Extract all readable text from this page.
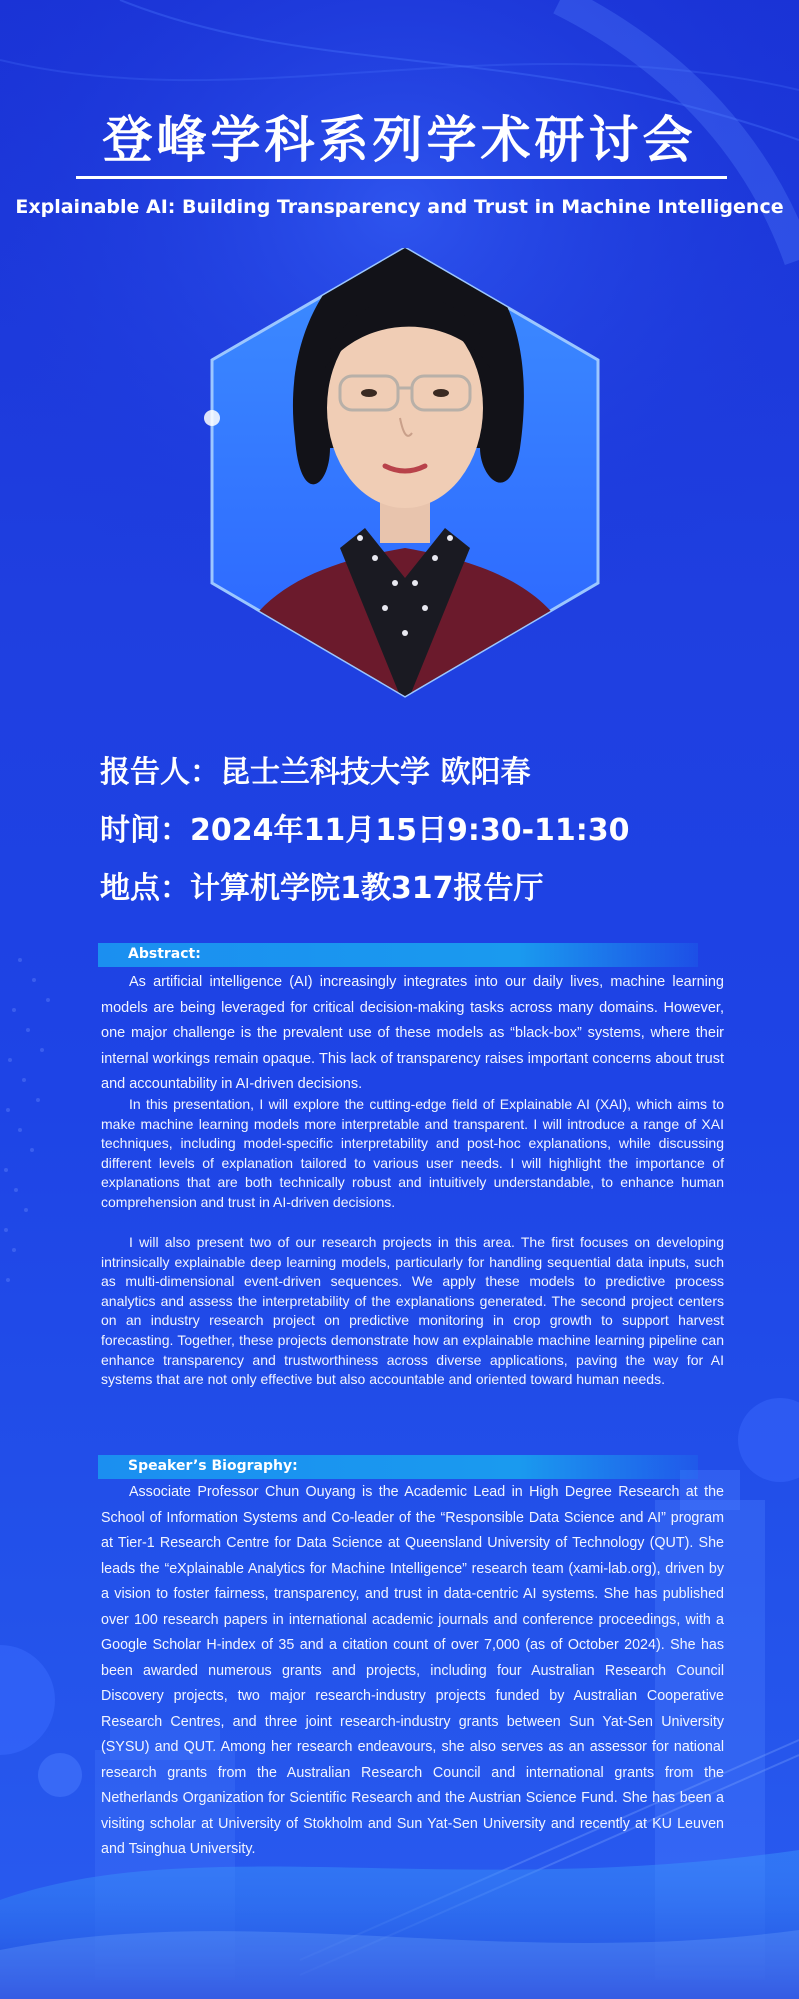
登峰学科系列学术研讨会
Explainable AI: Building Transparency and Trust in Machine Intelligence
报告人：昆士兰科技大学 欧阳春
时间：2024年11月15日9:30-11:30
地点：计算机学院1教317报告厅
Abstract:
As artificial intelligence (AI) increasingly integrates into our daily lives, machine learning models are being leveraged for critical decision-making tasks across many domains. However, one major challenge is the prevalent use of these models as “black-box” systems, where their internal workings remain opaque. This lack of transparency raises important concerns about trust and accountability in AI-driven decisions.
In this presentation, I will explore the cutting-edge field of Explainable AI (XAI), which aims to make machine learning models more interpretable and transparent. I will introduce a range of XAI techniques, including model-specific interpretability and post-hoc explanations, while discussing different levels of explanation tailored to various user needs. I will highlight the importance of explanations that are both technically robust and intuitively understandable, to enhance human comprehension and trust in AI-driven decisions.
I will also present two of our research projects in this area. The first focuses on developing intrinsically explainable deep learning models, particularly for handling sequential data inputs, such as multi-dimensional event-driven sequences. We apply these models to predictive process analytics and assess the interpretability of the explanations generated. The second project centers on an industry research project on predictive monitoring in crop growth to support harvest forecasting. Together, these projects demonstrate how an explainable machine learning pipeline can enhance transparency and trustworthiness across diverse applications, paving the way for AI systems that are not only effective but also accountable and oriented toward human needs.
Speaker’s Biography:
Associate Professor Chun Ouyang is the Academic Lead in High Degree Research at the School of Information Systems and Co-leader of the “Responsible Data Science and AI” program at Tier-1 Research Centre for Data Science at Queensland University of Technology (QUT). She leads the “eXplainable Analytics for Machine Intelligence” research team (xami-lab.org), driven by a vision to foster fairness, transparency, and trust in data-centric AI systems. She has published over 100 research papers in international academic journals and conference proceedings, with a Google Scholar H-index of 35 and a citation count of over 7,000 (as of October 2024). She has been awarded numerous grants and projects, including four Australian Research Council Discovery projects, two major research-industry projects funded by Australian Cooperative Research Centres, and three joint research-industry grants between Sun Yat-Sen University (SYSU) and QUT. Among her research endeavours, she also serves as an assessor for national research grants from the Australian Research Council and international grants from the Netherlands Organization for Scientific Research and the Austrian Science Fund. She has been a visiting scholar at University of Stokholm and Sun Yat-Sen University and recently at KU Leuven and Tsinghua University.
